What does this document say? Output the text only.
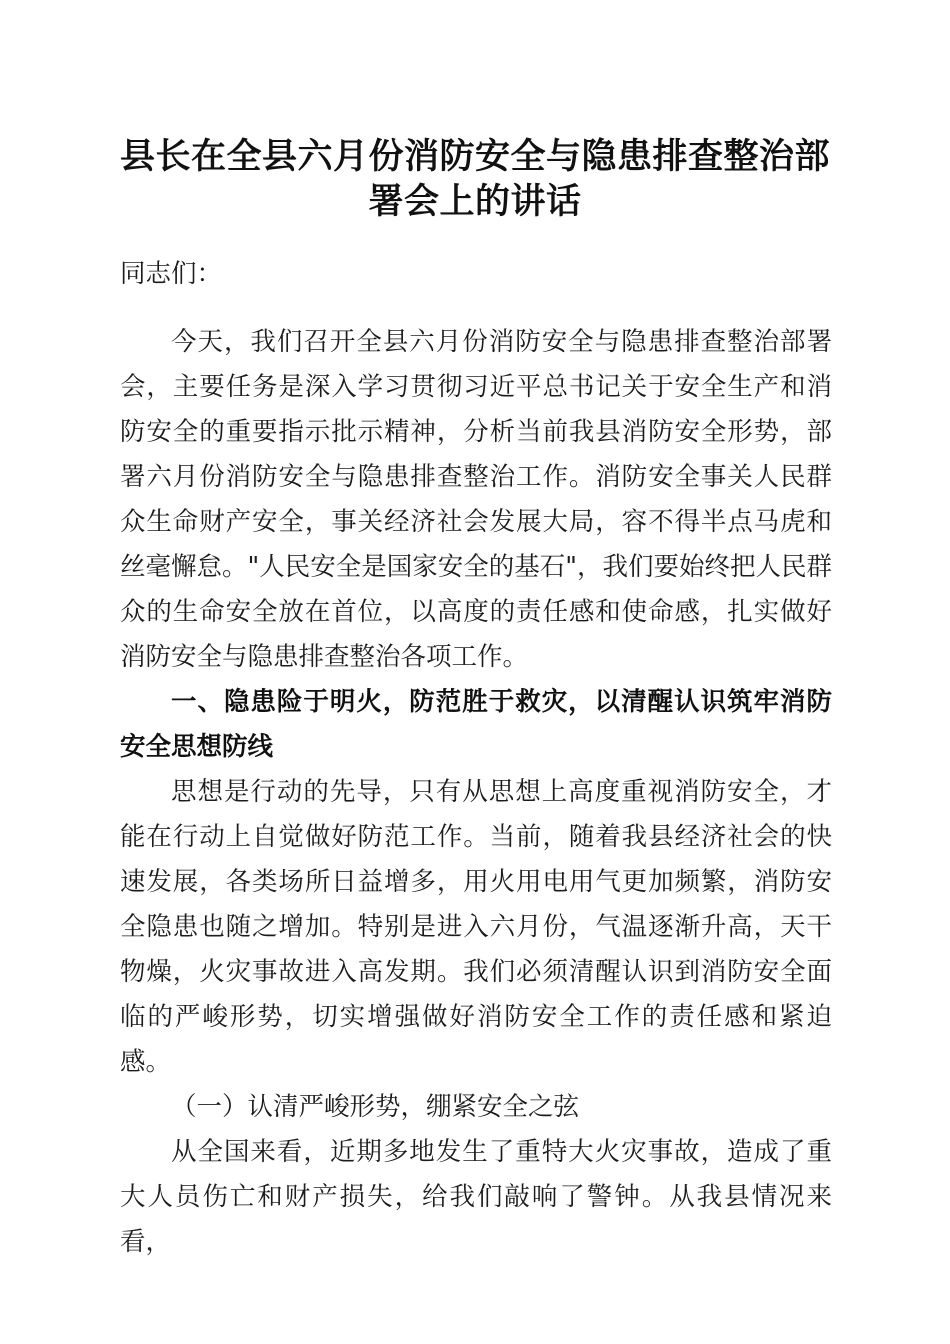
县长在全县六月份消防安全与隐患排查整治部
署会上的讲话
同志们：

今天，我们召开全县六月份消防安全与隐患排查整治部署会，主要任务是深入学习贯彻习近平总书记关于安全生产和消防安全的重要指示批示精神，分析当前我县消防安全形势，部署六月份消防安全与隐患排查整治工作。消防安全事关人民群众生命财产安全，事关经济社会发展大局，容不得半点马虎和丝毫懈怠。"人民安全是国家安全的基石"，我们要始终把人民群众的生命安全放在首位，以高度的责任感和使命感，扎实做好消防安全与隐患排查整治各项工作。

一、隐患险于明火，防范胜于救灾，以清醒认识筑牢消防安全思想防线

思想是行动的先导，只有从思想上高度重视消防安全，才能在行动上自觉做好防范工作。当前，随着我县经济社会的快速发展，各类场所日益增多，用火用电用气更加频繁，消防安全隐患也随之增加。特别是进入六月份，气温逐渐升高，天干物燥，火灾事故进入高发期。我们必须清醒认识到消防安全面临的严峻形势，切实增强做好消防安全工作的责任感和紧迫感。

（一）认清严峻形势，绷紧安全之弦

从全国来看，近期多地发生了重特大火灾事故，造成了重大人员伤亡和财产损失，给我们敲响了警钟。从我县情况来看，
